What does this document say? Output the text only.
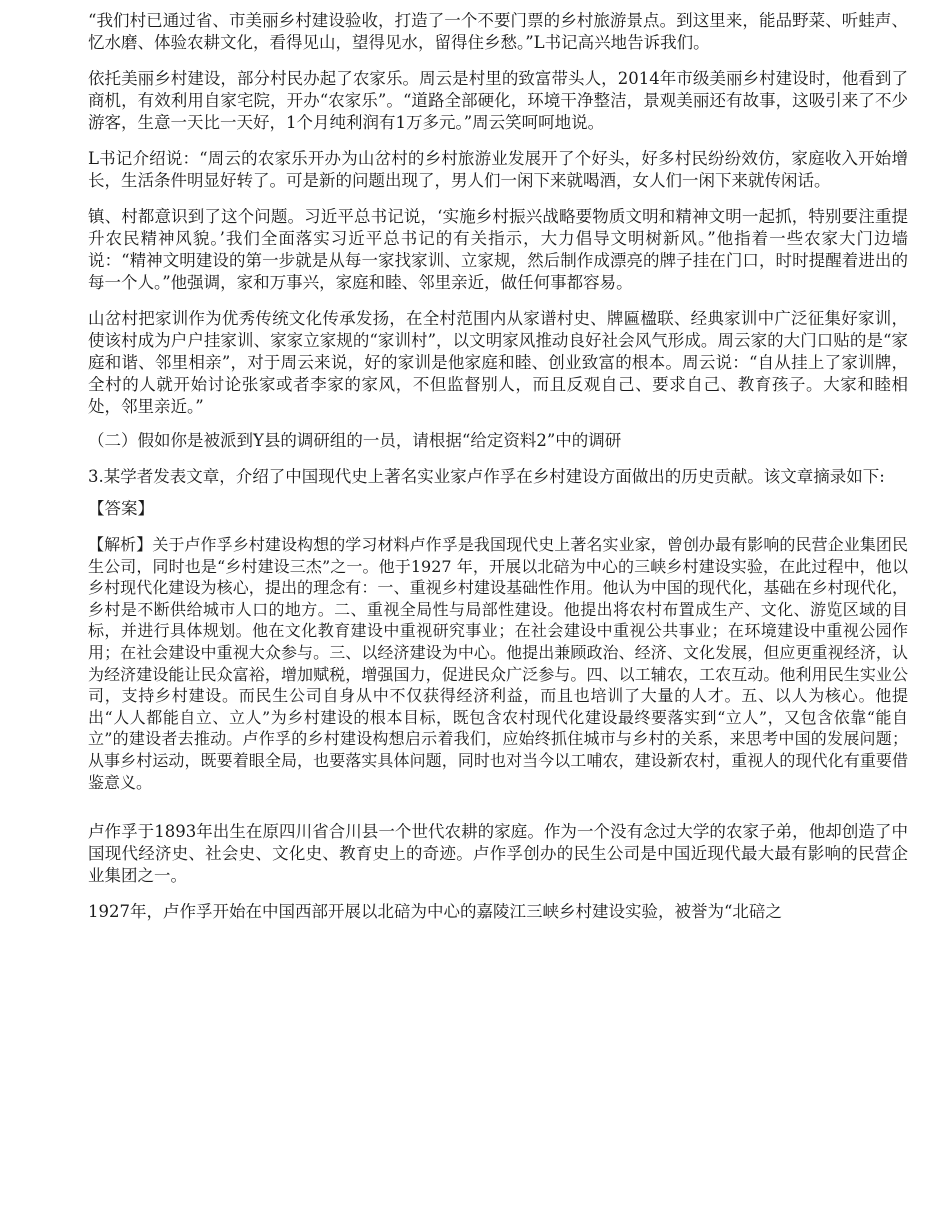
“我们村已通过省、市美丽乡村建设验收，打造了一个不要门票的乡村旅游景点。到这里来，能品野菜、听蛙声、忆水磨、体验农耕文化，看得见山，望得见水，留得住乡愁。”L书记高兴地告诉我们。

依托美丽乡村建设，部分村民办起了农家乐。周云是村里的致富带头人，2014年市级美丽乡村建设时，他看到了商机，有效利用自家宅院，开办“农家乐”。“道路全部硬化，环境干净整洁，景观美丽还有故事，这吸引来了不少游客，生意一天比一天好，1个月纯利润有1万多元。”周云笑呵呵地说。

L书记介绍说：“周云的农家乐开办为山岔村的乡村旅游业发展开了个好头，好多村民纷纷效仿，家庭收入开始增长，生活条件明显好转了。可是新的问题出现了，男人们一闲下来就喝酒，女人们一闲下来就传闲话。

镇、村都意识到了这个问题。习近平总书记说，‘实施乡村振兴战略要物质文明和精神文明一起抓，特别要注重提升农民精神风貌。’我们全面落实习近平总书记的有关指示，大力倡导文明树新风。”他指着一些农家大门边墙说：“精神文明建设的第一步就是从每一家找家训、立家规，然后制作成漂亮的牌子挂在门口，时时提醒着进出的每一个人。”他强调，家和万事兴，家庭和睦、邻里亲近，做任何事都容易。

山岔村把家训作为优秀传统文化传承发扬，在全村范围内从家谱村史、牌匾楹联、经典家训中广泛征集好家训，使该村成为户户挂家训、家家立家规的“家训村”，以文明家风推动良好社会风气形成。周云家的大门口贴的是“家庭和谐、邻里相亲”，对于周云来说，好的家训是他家庭和睦、创业致富的根本。周云说：“自从挂上了家训牌，全村的人就开始讨论张家或者李家的家风，不但监督别人，而且反观自己、要求自己、教育孩子。大家和睦相处，邻里亲近。”

（二）假如你是被派到Y县的调研组的一员，请根据“给定资料2”中的调研

3.某学者发表文章，介绍了中国现代史上著名实业家卢作孚在乡村建设方面做出的历史贡献。该文章摘录如下:

【答案】

【解析】关于卢作孚乡村建设构想的学习材料卢作孚是我国现代史上著名实业家，曾创办最有影响的民营企业集团民生公司，同时也是“乡村建设三杰”之一。他于1927 年，开展以北碚为中心的三峡乡村建设实验，在此过程中，他以乡村现代化建设为核心，提出的理念有：一、重视乡村建设基础性作用。他认为中国的现代化，基础在乡村现代化，乡村是不断供给城市人口的地方。二、重视全局性与局部性建设。他提出将农村布置成生产、文化、游览区域的目标，并进行具体规划。他在文化教育建设中重视研究事业；在社会建设中重视公共事业；在环境建设中重视公园作用；在社会建设中重视大众参与。三、以经济建设为中心。他提出兼顾政治、经济、文化发展，但应更重视经济，认为经济建设能让民众富裕，增加赋税，增强国力，促进民众广泛参与。四、以工辅农，工农互动。他利用民生实业公司，支持乡村建设。而民生公司自身从中不仅获得经济利益，而且也培训了大量的人才。五、以人为核心。他提出“人人都能自立、立人”为乡村建设的根本目标，既包含农村现代化建设最终要落实到“立人”，又包含依靠“能自立”的建设者去推动。卢作孚的乡村建设构想启示着我们，应始终抓住城市与乡村的关系，来思考中国的发展问题；从事乡村运动，既要着眼全局，也要落实具体问题，同时也对当今以工哺农，建设新农村，重视人的现代化有重要借鉴意义。

卢作孚于1893年出生在原四川省合川县一个世代农耕的家庭。作为一个没有念过大学的农家子弟，他却创造了中国现代经济史、社会史、文化史、教育史上的奇迹。卢作孚创办的民生公司是中国近现代最大最有影响的民营企业集团之一。

1927年，卢作孚开始在中国西部开展以北碚为中心的嘉陵江三峡乡村建设实验，被誉为“北碚之
